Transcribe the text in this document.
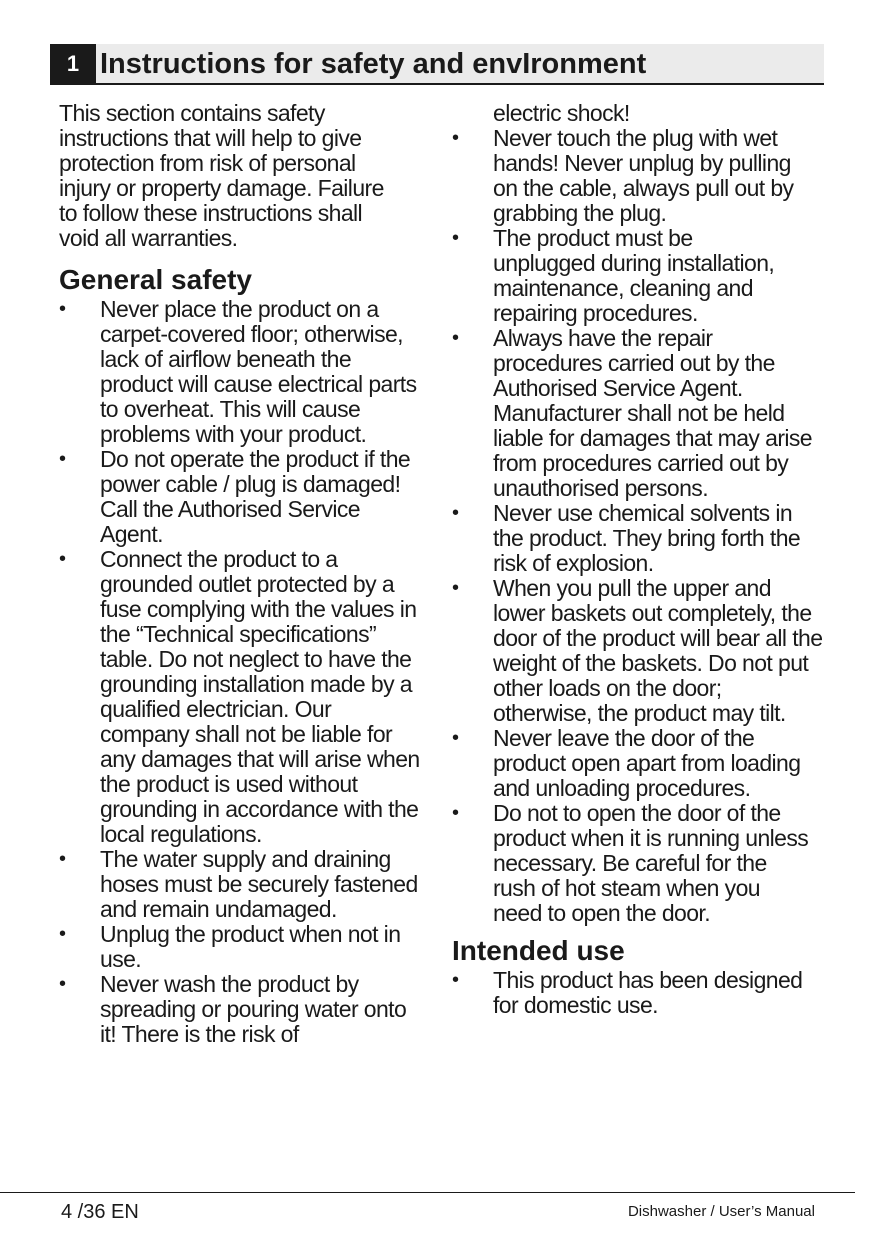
1 Instructions for safety and envIronment

This section contains safety instructions that will help to give protection from risk of personal injury or property damage. Failure to follow these instructions shall void all warranties.

General safety
• Never place the product on a carpet-covered floor; otherwise, lack of airflow beneath the product will cause electrical parts to overheat. This will cause problems with your product.
• Do not operate the product if the power cable / plug is damaged! Call the Authorised Service Agent.
• Connect the product to a grounded outlet protected by a fuse complying with the values in the “Technical specifications” table. Do not neglect to have the grounding installation made by a qualified electrician. Our company shall not be liable for any damages that will arise when the product is used without grounding in accordance with the local regulations.
• The water supply and draining hoses must be securely fastened and remain undamaged.
• Unplug the product when not in use.
• Never wash the product by spreading or pouring water onto it! There is the risk of

electric shock!

• Never touch the plug with wet hands! Never unplug by pulling on the cable, always pull out by grabbing the plug.
• The product must be unplugged during installation, maintenance, cleaning and repairing procedures.
• Always have the repair procedures carried out by the Authorised Service Agent. Manufacturer shall not be held liable for damages that may arise from procedures carried out by unauthorised persons.
• Never use chemical solvents in the product. They bring forth the risk of explosion.
• When you pull the upper and lower baskets out completely, the door of the product will bear all the weight of the baskets. Do not put other loads on the door; otherwise, the product may tilt.
• Never leave the door of the product open apart from loading and unloading procedures.
• Do not to open the door of the product when it is running unless necessary. Be careful for the rush of hot steam when you need to open the door.
Intended use
• This product has been designed for domestic use.
4 /36 EN	Dishwasher / User’s Manual
